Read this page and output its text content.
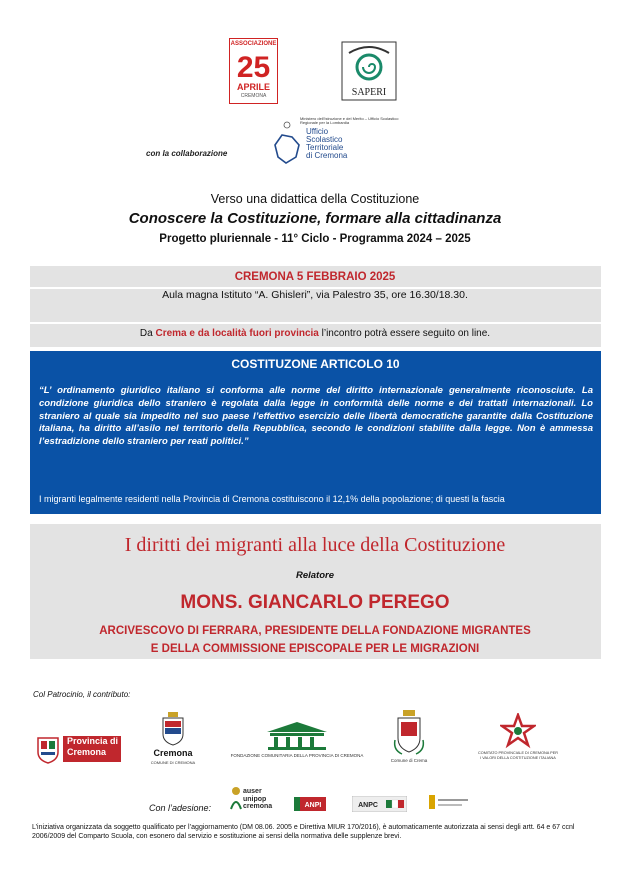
ASSOCIAZIONE
25
APRILE
CREMONA	SAPERI
Ministero dell'Istruzione e del Merito – Ufficio Scolastico Regionale per la Lombardia
Ufficio
Scolastico
Territoriale
di Cremona
con la collaborazione
Verso una didattica della Costituzione
Conoscere la Costituzione, formare alla cittadinanza
Progetto pluriennale - 11° Ciclo - Programma 2024 – 2025
CREMONA 5 FEBBRAIO 2025
Aula magna Istituto “A. Ghisleri”, via Palestro 35, ore 16.30/18.30.
Da Crema e da località fuori provincia l’incontro potrà essere seguito on line.
COSTITUZONE ARTICOLO 10
“L’ ordinamento giuridico italiano si conforma alle norme del diritto internazionale generalmente riconosciute. La condizione giuridica dello straniero è regolata dalla legge in conformità delle norme e dei trattati internazionali. Lo straniero al quale sia impedito nel suo paese l’effettivo esercizio delle libertà democratiche garantite dalla Costituzione italiana, ha diritto all’asilo nel territorio della Repubblica, secondo le condizioni stabilite dalla legge. Non è ammessa l’estradizione dello straniero per reati politici.”
I migranti legalmente residenti nella Provincia di Cremona costituiscono il 12,1% della popolazione; di questi la fascia
I diritti dei migranti alla luce della Costituzione
Relatore
MONS. GIANCARLO PEREGO
ARCIVESCOVO DI FERRARA, PRESIDENTE DELLA FONDAZIONE MIGRANTES
E DELLA COMMISSIONE EPISCOPALE PER LE MIGRAZIONI
Col Patrocinio, il contributo:
Provincia di Cremona	Cremona
COMUNE DI CREMONA
FONDAZIONE COMUNITARIA DELLA PROVINCIA DI CREMONA
Comune di Crema
COMITATO PROVINCIALE DI CREMONA PER I VALORI DELLA COSTITUZIONE ITALIANA
Con l’adesione:
auser unipop cremona	ANPI	ANPC
L’iniziativa organizzata da soggetto qualificato per l’aggiornamento (DM 08.06. 2005 e Direttiva MIUR 170/2016), è automaticamente autorizzata ai sensi degli artt. 64 e 67 ccnl 2006/2009 del Comparto Scuola, con esonero dal servizio e sostituzione ai sensi della normativa delle supplenze brevi.
